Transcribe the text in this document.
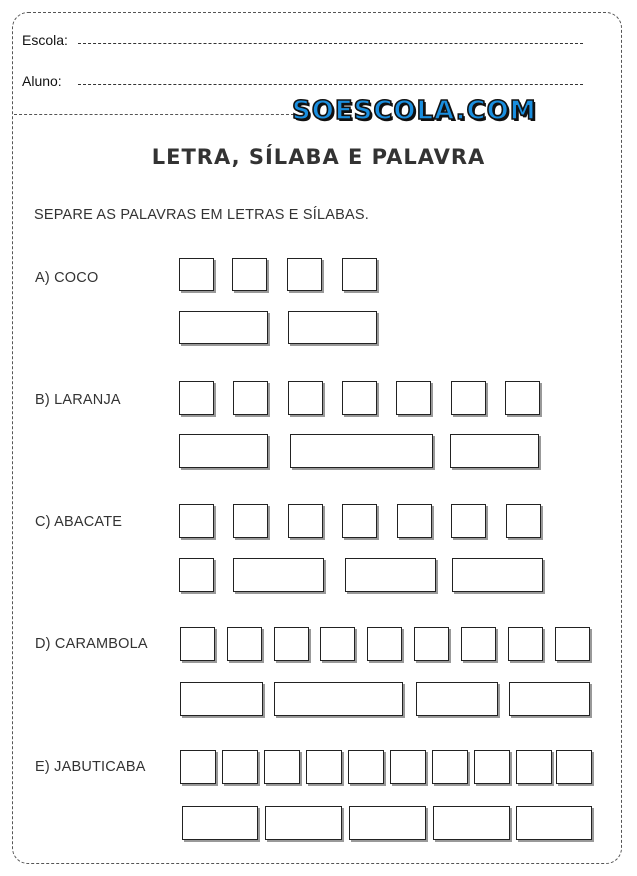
Escola:
Aluno:
SOESCOLA.COM
LETRA, SÍLABA E PALAVRA
SEPARE AS PALAVRAS EM LETRAS E SÍLABAS.
A) COCO
B) LARANJA
C) ABACATE
D) CARAMBOLA
E) JABUTICABA
